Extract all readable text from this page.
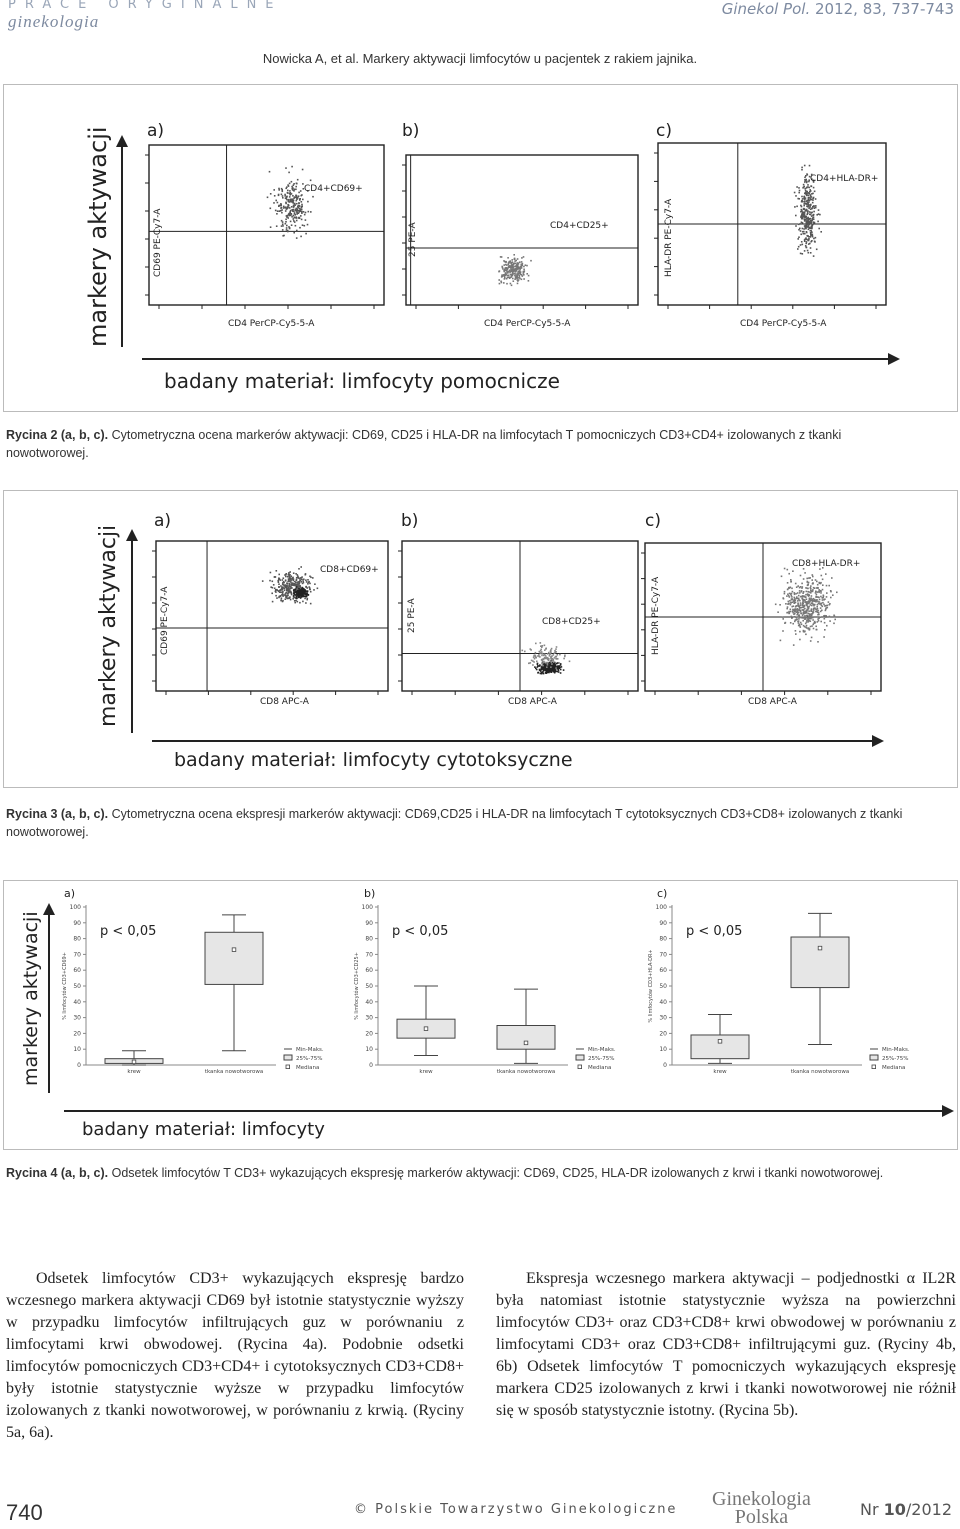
PRACE ORYGINALNE
ginekologia
Ginekol Pol. 2012, 83, 737-743
Nowicka A, et al. Markery aktywacji limfocytów u pacjentek z rakiem jajnika.
a)	b)	c)
markery aktywacji
badany materiał: limfocyty pomocnicze
CD4+CD69+
CD4+CD25+
CD4+HLA-DR+
CD4 PerCP-Cy5-5-A	CD4 PerCP-Cy5-5-A	CD4 PerCP-Cy5-5-A
CD69 PE-Cy7-A	25 PE-A	HLA-DR PE-Cy7-A
Rycina 2 (a, b, c). Cytometryczna ocena markerów aktywacji: CD69, CD25 i HLA-DR na limfocytach T pomocniczych CD3+CD4+ izolowanych z tkanki nowotworowej.
a)	b)	c)
markery aktywacji
badany materiał: limfocyty cytotoksyczne
CD8+CD69+
CD8+CD25+
CD8+HLA-DR+
CD8 APC-A	CD8 APC-A	CD8 APC-A
CD69 PE-Cy7-A	25 PE-A	HLA-DR PE-Cy7-A
Rycina 3 (a, b, c). Cytometryczna ocena ekspresji markerów aktywacji: CD69,CD25 i HLA-DR na limfocytach T cytotoksycznych CD3+CD8+ izolowanych z tkanki nowotworowej.
0
10
20
30
40
50
60
70
80
90
100
% limfocytów CD3+CD69+
p < 0,05
krew	tkanka nowotworowa
Min-Maks.
25%-75%
Mediana	0
10
20
30
40
50
60
70
80
90
100
% limfocytów CD3+CD25+
p < 0,05
krew	tkanka nowotworowa
Min-Maks.
25%-75%
Mediana	0
10
20
30
40
50
60
70
80
90
100
% limfocytów CD3+HLA-DR+
p < 0,05
krew	tkanka nowotworowa
Min-Maks.
25%-75%
Mediana
a)	b)	c)
markery aktywacji
badany materiał: limfocyty
Rycina 4 (a, b, c). Odsetek limfocytów T CD3+ wykazujących ekspresję markerów aktywacji: CD69, CD25, HLA-DR izolowanych z krwi i tkanki nowotworowej.
Odsetek limfocytów CD3+ wykazujących ekspresję bardzo wczesnego markera aktywacji CD69 był istotnie statystycznie wyższy w przypadku limfocytów infiltrujących guz w porównaniu z limfocytami krwi obwodowej. (Rycina 4a). Podobnie odsetki limfocytów pomocniczych CD3+CD4+ i cytotoksycznych CD3+CD8+ były istotnie statystycznie wyższe w przypadku limfocytów izolowanych z tkanki nowotworowej, w porównaniu z krwią. (Ryciny 5a, 6a).
Ekspresja wczesnego markera aktywacji – podjednostki α IL2R była natomiast istotnie statystycznie wyższa na powierzchni limfocytów CD3+ oraz CD3+CD8+ krwi obwodowej w porównaniu z limfocytami CD3+ oraz CD3+CD8+ infiltrującymi guz. (Ryciny 4b, 6b) Odsetek limfocytów T pomocniczych wykazujących ekspresję markera CD25 izolowanych z krwi i tkanki nowotworowej nie różnił się w sposób statystycznie istotny. (Rycina 5b).
740	© Polskie Towarzystwo Ginekologiczne Ginekologia
Polska	Nr 10/2012
